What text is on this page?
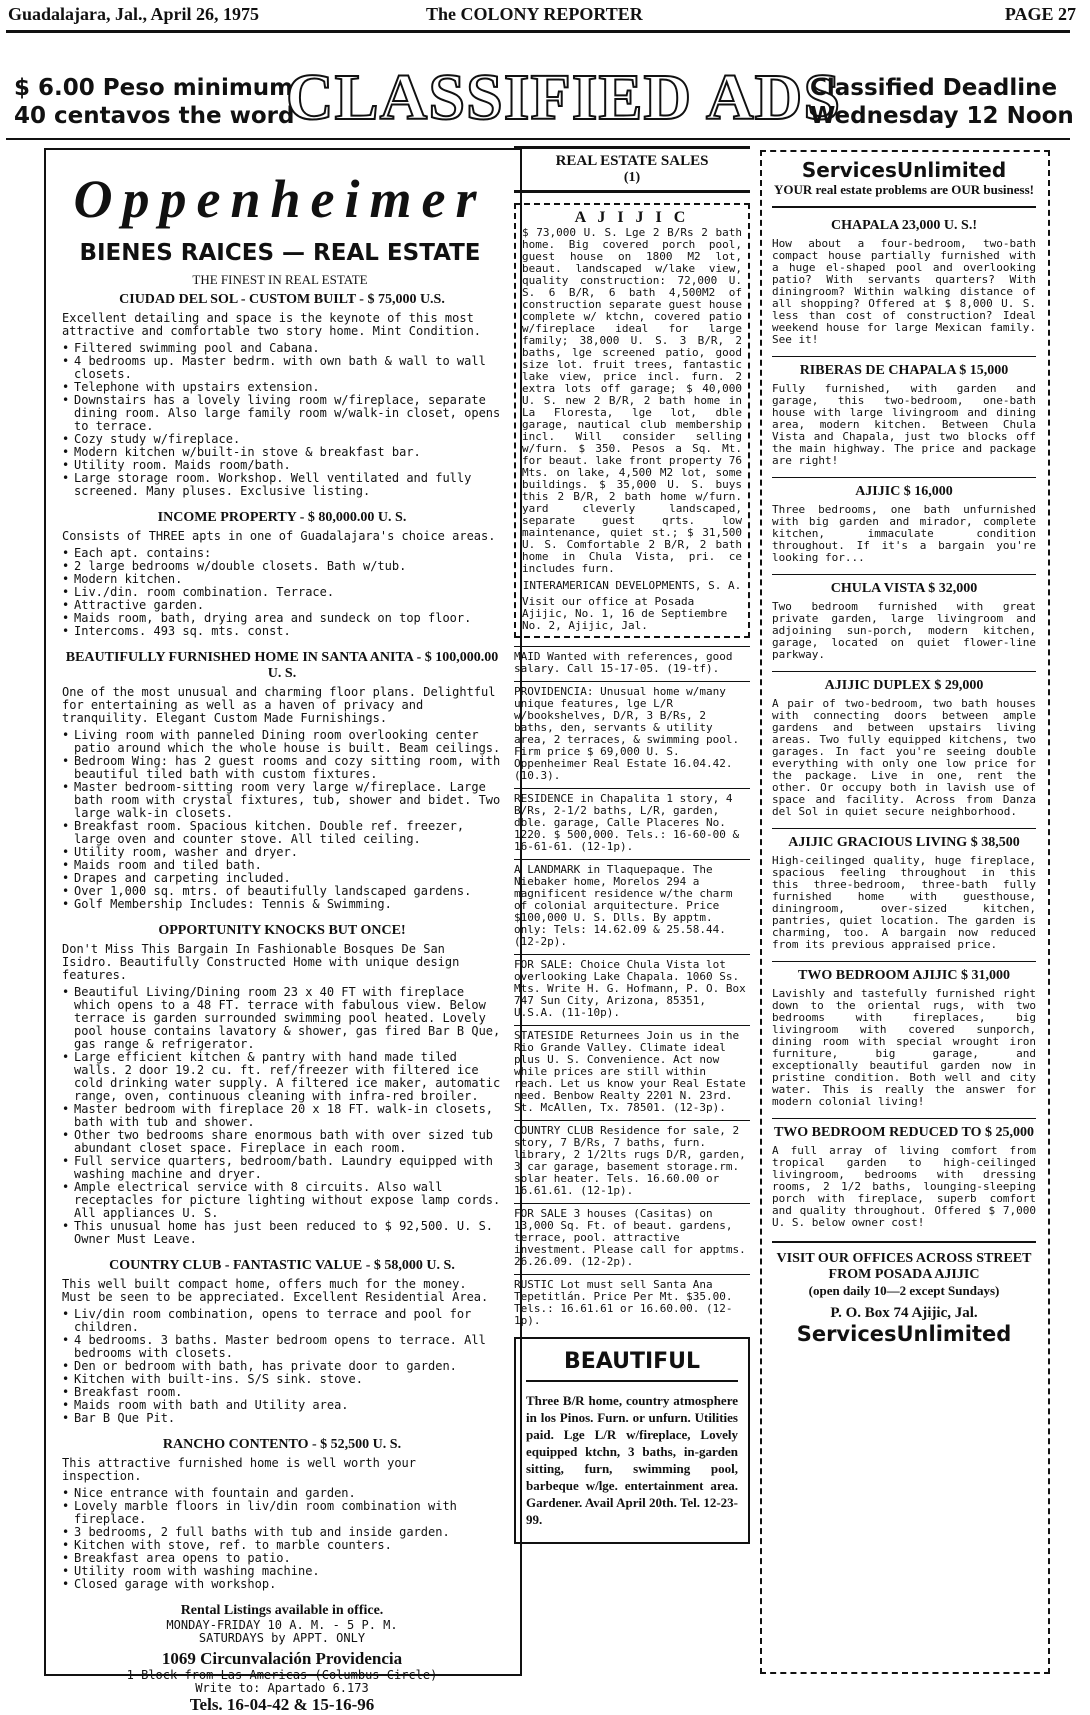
Guadalajara, Jal., April 26, 1975	The COLONY REPORTER	PAGE 27
$ 6.00 Peso minimum
40 centavos the word
CLASSIFIED ADS
Classified Deadline
Wednesday 12 Noon
Oppenheimer
BIENES RAICES — REAL ESTATE
THE FINEST IN REAL ESTATE
CIUDAD DEL SOL - CUSTOM BUILT - $ 75,000 U.S.
Excellent detailing and space is the keynote of this most attractive and comfortable two story home. Mint Condition.
• Filtered swimming pool and Cabana.
• 4 bedrooms up. Master bedrm. with own bath & wall to wall closets.
• Telephone with upstairs extension.
• Downstairs has a lovely living room w/fireplace, separate dining room. Also large family room w/walk-in closet, opens to terrace.
• Cozy study w/fireplace.
• Modern kitchen w/built-in stove & breakfast bar.
• Utility room. Maids room/bath.
• Large storage room. Workshop. Well ventilated and fully screened. Many pluses. Exclusive listing.
INCOME PROPERTY - $ 80,000.00 U. S.
Consists of THREE apts in one of Guadalajara's choice areas.
• Each apt. contains:
• 2 large bedrooms w/double closets. Bath w/tub.
• Modern kitchen.
• Liv./din. room combination. Terrace.
• Attractive garden.
• Maids room, bath, drying area and sundeck on top floor.
• Intercoms. 493 sq. mts. const.
BEAUTIFULLY FURNISHED HOME IN SANTA ANITA - $ 100,000.00 U. S.
One of the most unusual and charming floor plans. Delightful for entertaining as well as a haven of privacy and tranquility. Elegant Custom Made Furnishings.
• Living room with panneled Dining room overlooking center patio around which the whole house is built. Beam ceilings.
• Bedroom Wing: has 2 guest rooms and cozy sitting room, with beautiful tiled bath with custom fixtures.
• Master bedroom-sitting room very large w/fireplace. Large bath room with crystal fixtures, tub, shower and bidet. Two large walk-in closets.
• Breakfast room. Spacious kitchen. Double ref. freezer, large oven and counter stove. All tiled ceiling.
• Utility room, washer and dryer.
• Maids room and tiled bath.
• Drapes and carpeting included.
• Over 1,000 sq. mtrs. of beautifully landscaped gardens.
• Golf Membership Includes: Tennis & Swimming.
OPPORTUNITY KNOCKS BUT ONCE!
Don't Miss This Bargain In Fashionable Bosques De San Isidro. Beautifully Constructed Home with unique design features.
• Beautiful Living/Dining room 23 x 40 FT with fireplace which opens to a 48 FT. terrace with fabulous view. Below terrace is garden surrounded swimming pool heated. Lovely pool house contains lavatory & shower, gas fired Bar B Que, gas range & refrigerator.
• Large efficient kitchen & pantry with hand made tiled walls. 2 door 19.2 cu. ft. ref/freezer with filtered ice cold drinking water supply. A filtered ice maker, automatic range, oven, continuous cleaning with infra-red broiler.
• Master bedroom with fireplace 20 x 18 FT. walk-in closets, bath with tub and shower.
• Other two bedrooms share enormous bath with over sized tub abundant closet space. Fireplace in each room.
• Full service quarters, bedroom/bath. Laundry equipped with washing machine and dryer.
• Ample electrical service with 8 circuits. Also wall receptacles for picture lighting without expose lamp cords. All appliances U. S.
• This unusual home has just been reduced to $ 92,500. U. S. Owner Must Leave.
COUNTRY CLUB - FANTASTIC VALUE - $ 58,000 U. S.
This well built compact home, offers much for the money. Must be seen to be appreciated. Excellent Residential Area.
• Liv/din room combination, opens to terrace and pool for children.
• 4 bedrooms. 3 baths. Master bedroom opens to terrace. All bedrooms with closets.
• Den or bedroom with bath, has private door to garden.
• Kitchen with built-ins. S/S sink. stove.
• Breakfast room.
• Maids room with bath and Utility area.
• Bar B Que Pit.
RANCHO CONTENTO - $ 52,500 U. S.
This attractive furnished home is well worth your inspection.
• Nice entrance with fountain and garden.
• Lovely marble floors in liv/din room combination with fireplace.
• 3 bedrooms, 2 full baths with tub and inside garden.
• Kitchen with stove, ref. to marble counters.
• Breakfast area opens to patio.
• Utility room with washing machine.
• Closed garage with workshop.
Rental Listings available in office.
MONDAY-FRIDAY 10 A. M. - 5 P. M.
SATURDAYS by APPT. ONLY
1069 Circunvalación Providencia
1 Block from Las Americas (Columbus Circle)
Write to: Apartado 6.173
Tels. 16-04-42 & 15-16-96
REAL ESTATE SALES
(1)
A J I J I C
$ 73,000 U. S. Lge 2 B/Rs 2 bath home. Big covered porch pool, guest house on 1800 M2 lot, beaut. landscaped w/lake view, quality construction: 72,000 U. S. 6 B/R, 6 bath 4,500M2 of construction separate guest house complete w/ ktchn, covered patio w/fireplace ideal for large family; 38,000 U. S. 3 B/R, 2 baths, lge screened patio, good size lot. fruit trees, fantastic lake view, price incl. furn. 2 extra lots off garage; $ 40,000 U. S. new 2 B/R, 2 bath home in La Floresta, lge lot, dble garage, nautical club membership incl. Will consider selling w/furn. $ 350. Pesos a Sq. Mt. for beaut. lake front property 76 Mts. on lake, 4,500 M2 lot, some buildings. $ 35,000 U. S. buys this 2 B/R, 2 bath home w/furn. yard cleverly landscaped, separate guest qrts. low maintenance, quiet st.; $ 31,500 U. S. Comfortable 2 B/R, 2 bath home in Chula Vista, pri. ce includes furn.
INTERAMERICAN DEVELOPMENTS, S. A.
Visit our office at Posada Ajijic, No. 1, 16 de Septiembre No. 2, Ajijic, Jal.
MAID Wanted with references, good salary. Call 15-17-05. (19-tf).
PROVIDENCIA: Unusual home w/many unique features, lge L/R w/bookshelves, D/R, 3 B/Rs, 2 baths, den, servants & utility area, 2 terraces, & swimming pool. Firm price $ 69,000 U. S. Oppenheimer Real Estate 16.04.42. (10.3).
RESIDENCE in Chapalita 1 story, 4 B/Rs, 2-1/2 baths, L/R, garden, dble. garage, Calle Placeres No. 1220. $ 500,000. Tels.: 16-60-00 & 16-61-61. (12-1p).
A LANDMARK in Tlaquepaque. The Niebaker home, Morelos 294 a magnificent residence w/the charm of colonial arquitecture. Price $100,000 U. S. Dlls. By apptm. only: Tels: 14.62.09 & 25.58.44. (12-2p).
FOR SALE: Choice Chula Vista lot overlooking Lake Chapala. 1060 Ss. Mts. Write H. G. Hofmann, P. O. Box 747 Sun City, Arizona, 85351, U.S.A. (11-10p).
STATESIDE Returnees Join us in the Rio Grande Valley. Climate ideal plus U. S. Convenience. Act now while prices are still within reach. Let us know your Real Estate need. Benbow Realty 2201 N. 23rd. St. McAllen, Tx. 78501. (12-3p).
COUNTRY CLUB Residence for sale, 2 story, 7 B/Rs, 7 baths, furn. library, 2 1/2lts rugs D/R, garden, 3 car garage, basement storage.rm. solar heater. Tels. 16.60.00 or 16.61.61. (12-1p).
FOR SALE 3 houses (Casitas) on 13,000 Sq. Ft. of beaut. gardens, terrace, pool. attractive investment. Please call for apptms. 26.26.09. (12-2p).
RUSTIC Lot must sell Santa Ana Tepetitlán. Price Per Mt. $35.00. Tels.: 16.61.61 or 16.60.00. (12-1p).
BEAUTIFUL
Three B/R home, country atmosphere in los Pinos. Furn. or unfurn. Utilities paid. Lge L/R w/fireplace, Lovely equipped ktchn, 3 baths, in-garden sitting, furn, swimming pool, barbeque w/lge. entertainment area. Gardener. Avail April 20th. Tel. 12-23-99.
ServicesUnlimited
YOUR real estate problems are OUR business!
CHAPALA 23,000 U. S.!
How about a four-bedroom, two-bath compact house partially furnished with a huge el-shaped pool and overlooking patio? With servants quarters? With diningroom? Within walking distance of all shopping? Offered at $ 8,000 U. S. less than cost of construction? Ideal weekend house for large Mexican family. See it!
RIBERAS DE CHAPALA $ 15,000
Fully furnished, with garden and garage, this two-bedroom, one-bath house with large livingroom and dining area, modern kitchen. Between Chula Vista and Chapala, just two blocks off the main highway. The price and package are right!
AJIJIC $ 16,000
Three bedrooms, one bath unfurnished with big garden and mirador, complete kitchen, immaculate condition throughout. If it's a bargain you're looking for...
CHULA VISTA $ 32,000
Two bedroom furnished with great private garden, large livingroom and adjoining sun-porch, modern kitchen, garage, located on quiet flower-line parkway.
AJIJIC DUPLEX $ 29,000
A pair of two-bedroom, two bath houses with connecting doors between ample gardens and between upstairs living areas. Two fully equipped kitchens, two garages. In fact you're seeing double everything with only one low price for the package. Live in one, rent the other. Or occupy both in lavish use of space and facility. Across from Danza del Sol in quiet secure neighborhood.
AJIJIC GRACIOUS LIVING $ 38,500
High-ceilinged quality, huge fireplace, spacious feeling throughout in this this three-bedroom, three-bath fully furnished home with guesthouse, diningroom, over-sized kitchen, pantries, quiet location. The garden is charming, too. A bargain now reduced from its previous appraised price.
TWO BEDROOM AJIJIC $ 31,000
Lavishly and tastefully furnished right down to the oriental rugs, with two bedrooms with fireplaces, big livingroom with covered sunporch, dining room with special wrought iron furniture, big garage, and exceptionally beautiful garden now in pristine condition. Both well and city water. This is really the answer for modern colonial living!
TWO BEDROOM REDUCED TO $ 25,000
A full array of living comfort from tropical garden to high-ceilinged livingroom, bedrooms with dressing rooms, 2 1/2 baths, lounging-sleeping porch with fireplace, superb comfort and quality throughout. Offered $ 7,000 U. S. below owner cost!
VISIT OUR OFFICES ACROSS STREET FROM POSADA AJIJIC
(open daily 10—2 except Sundays)
P. O. Box 74 Ajijic, Jal.
ServicesUnlimited
